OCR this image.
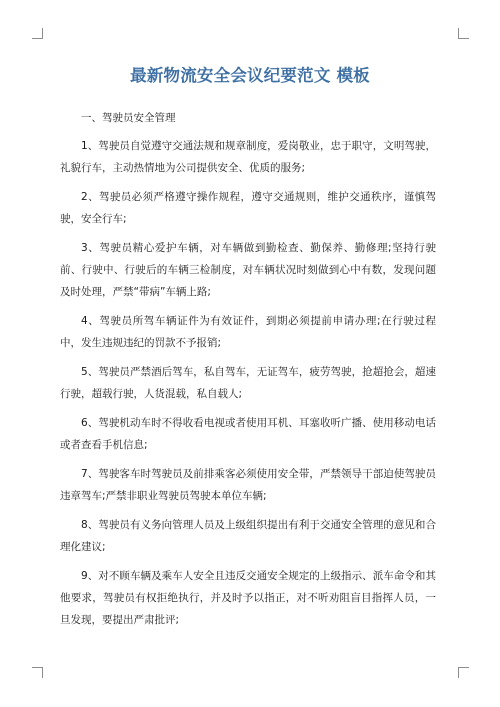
最新物流安全会议纪要范文 模板

一、驾驶员安全管理

1、驾驶员自觉遵守交通法规和规章制度，爱岗敬业，忠于职守，文明驾驶，礼貌行车，主动热情地为公司提供安全、优质的服务;

2、驾驶员必须严格遵守操作规程，遵守交通规则，维护交通秩序，谨慎驾驶，安全行车;

3、驾驶员精心爱护车辆，对车辆做到勤检查、勤保养、勤修理;坚持行驶前、行驶中、行驶后的车辆三检制度，对车辆状况时刻做到心中有数，发现问题及时处理，严禁“带病”车辆上路;

4、驾驶员所驾车辆证件为有效证件，到期必须提前申请办理;在行驶过程中，发生违规违纪的罚款不予报销;

5、驾驶员严禁酒后驾车，私自驾车，无证驾车，疲劳驾驶，抢超抢会，超速行驶，超载行驶，人货混载，私自载人;

6、驾驶机动车时不得收看电视或者使用耳机、耳塞收听广播、使用移动电话或者查看手机信息;

7、驾驶客车时驾驶员及前排乘客必须使用安全带，严禁领导干部迫使驾驶员违章驾车;严禁非职业驾驶员驾驶本单位车辆;

8、驾驶员有义务向管理人员及上级组织提出有利于交通安全管理的意见和合理化建议;

9、对不顾车辆及乘车人安全且违反交通安全规定的上级指示、派车命令和其他要求，驾驶员有权拒绝执行，并及时予以指正，对不听劝阻盲目指挥人员，一旦发现，要提出严肃批评;
